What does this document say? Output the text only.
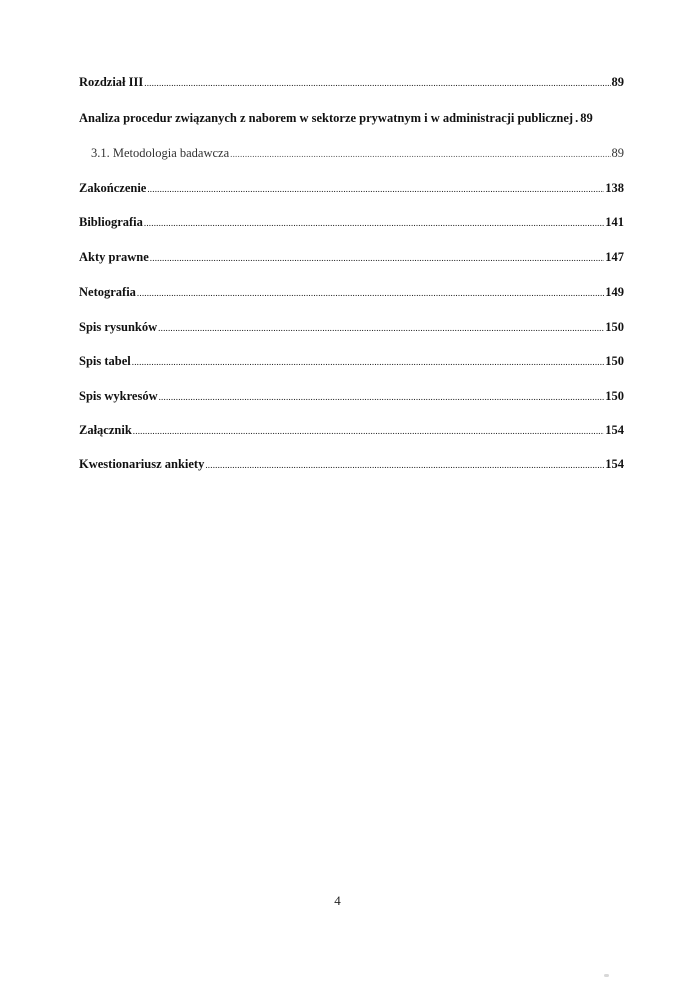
Rozdział III .....	89
Analiza procedur związanych z naborem w sektorze prywatnym i w administracji publicznej . 89
3.1. Metodologia badawcza .....	89
Zakończenie .....	138
Bibliografia .....	141
Akty prawne .....	147
Netografia .....	149
Spis rysunków .....	150
Spis tabel .....	150
Spis wykresów .....	150
Załącznik .....	154
Kwestionariusz ankiety .....	154
4
